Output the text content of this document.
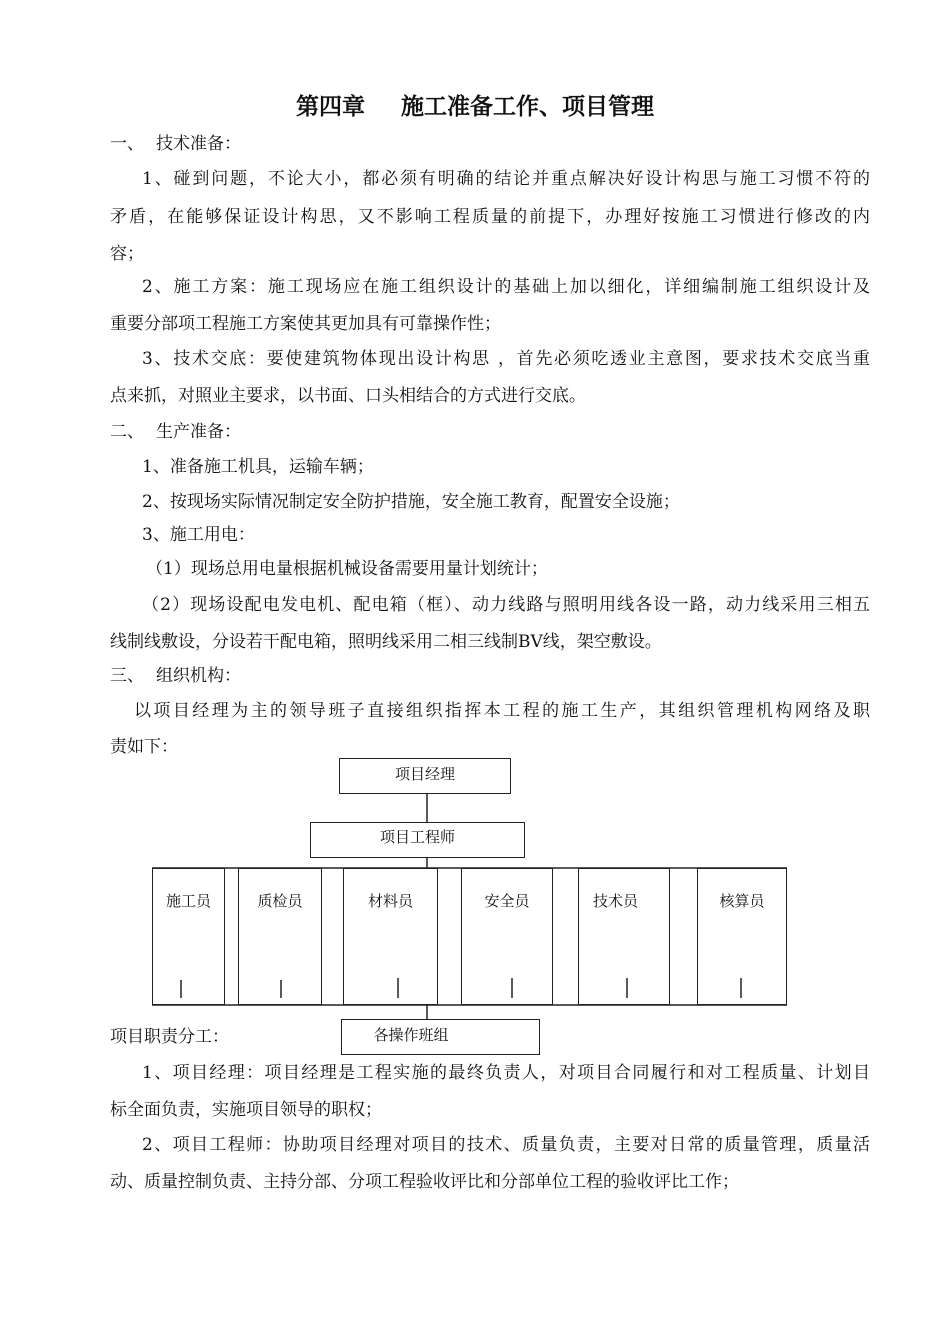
第四章 施工准备工作、项目管理
一、 技术准备：
1、碰到问题，不论大小，都必须有明确的结论并重点解决好设计构思与施工习惯不符的
矛盾，在能够保证设计构思，又不影响工程质量的前提下，办理好按施工习惯进行修改的内
容；
2、施工方案：施工现场应在施工组织设计的基础上加以细化，详细编制施工组织设计及
重要分部项工程施工方案使其更加具有可靠操作性；
3、技术交底：要使建筑物体现出设计构思 ，首先必须吃透业主意图，要求技术交底当重
点来抓，对照业主要求，以书面、口头相结合的方式进行交底。
二、 生产准备：
1、准备施工机具，运输车辆；
2、按现场实际情况制定安全防护措施，安全施工教育，配置安全设施；
3、施工用电：
（1）现场总用电量根据机械设备需要用量计划统计；
（2）现场设配电发电机、配电箱（框）、动力线路与照明用线各设一路，动力线采用三相五
线制线敷设，分设若干配电箱，照明线采用二相三线制BV线，架空敷设。
三、 组织机构：
以项目经理为主的领导班子直接组织指挥本工程的施工生产，其组织管理机构网络及职
责如下：
项目经理
项目工程师
施工员	质检员	材料员	安全员	技术员	核算员
各操作班组
项目职责分工：
1、项目经理：项目经理是工程实施的最终负责人，对项目合同履行和对工程质量、计划目
标全面负责，实施项目领导的职权；
2、项目工程师：协助项目经理对项目的技术、质量负责，主要对日常的质量管理，质量活
动、质量控制负责、主持分部、分项工程验收评比和分部单位工程的验收评比工作；
